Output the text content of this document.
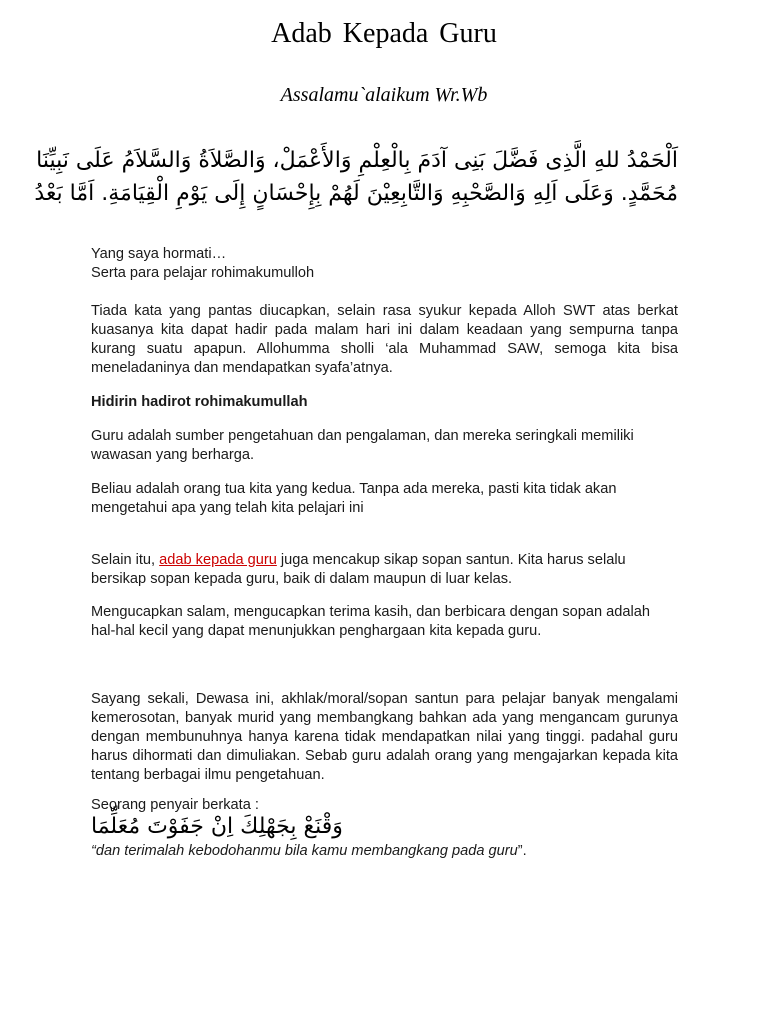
Adab Kepada Guru
Assalamu`alaikum Wr.Wb
اَلْحَمْدُ للهِ الَّذِى فَضَّلَ بَنِى آدَمَ بِالْعِلْمِ وَالأَعْمَلْ، وَالصَّلاَةُ وَالسَّلاَمُ عَلَى نَبِيِّنَا
مُحَمَّدٍ. وَعَلَى اَلِهِ وَالصَّحْبِهِ وَالتَّابِعِيْنَ لَهُمْ بِإِحْسَانٍ إِلَى يَوْمِ الْقِيَامَةِ. اَمَّا بَعْدُ
Yang saya hormati…
Serta para pelajar rohimakumulloh
Tiada kata yang pantas diucapkan, selain rasa syukur kepada Alloh SWT atas berkat kuasanya kita dapat hadir pada malam hari ini dalam keadaan yang sempurna tanpa kurang suatu apapun. Allohumma sholli ‘ala Muhammad SAW, semoga kita bisa meneladaninya dan mendapatkan syafa’atnya.
Hidirin hadirot rohimakumullah
Guru adalah sumber pengetahuan dan pengalaman, dan mereka seringkali memiliki wawasan yang berharga.
Beliau adalah orang tua kita yang kedua. Tanpa ada mereka, pasti kita tidak akan mengetahui apa yang telah kita pelajari ini
Selain itu, adab kepada guru juga mencakup sikap sopan santun. Kita harus selalu bersikap sopan kepada guru, baik di dalam maupun di luar kelas.
Mengucapkan salam, mengucapkan terima kasih, dan berbicara dengan sopan adalah hal-hal kecil yang dapat menunjukkan penghargaan kita kepada guru.
Sayang sekali, Dewasa ini, akhlak/moral/sopan santun para pelajar banyak mengalami kemerosotan, banyak murid yang membangkang bahkan ada yang mengancam gurunya dengan membunuhnya hanya karena tidak mendapatkan nilai yang tinggi. padahal guru harus dihormati dan dimuliakan. Sebab guru adalah orang yang mengajarkan kepada kita tentang berbagai ilmu pengetahuan.
Seorang penyair berkata :
وَقْنَعْ بِجَهْلِكَ اِنْ جَفَوْتَ مُعَلِّمَا
“dan terimalah kebodohanmu bila kamu membangkang pada guru”.
